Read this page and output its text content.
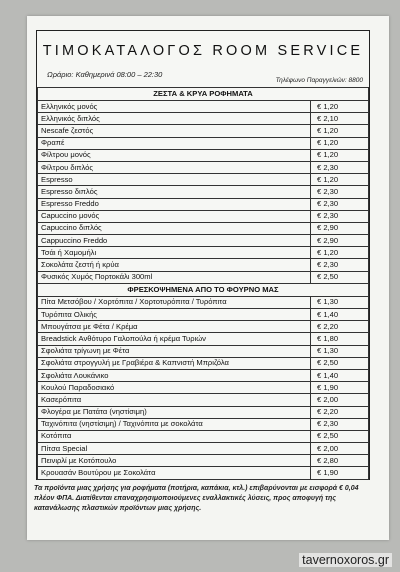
ΤΙΜΟΚΑΤΑΛΟΓΟΣ ROOM SERVICE
Ωράριο: Καθημερινά 08:00 – 22:30
Τηλέφωνο Παραγγελιών: 8800
ΖΕΣΤΑ & ΚΡΥΑ ΡΟΦΗΜΑΤΑ	
Ελληνικός μονός	€ 1,20
Ελληνικός διπλός	€ 2,10
Nescafe ζεστός	€ 1,20
Φραπέ	€ 1,20
Φίλτρου μονός	€ 1,20
Φίλτρου διπλός	€ 2,30
Espresso	€ 1,20
Espresso διπλός	€ 2,30
Espresso Freddo	€ 2,30
Capuccino μονός	€ 2,30
Capuccino διπλός	€ 2,90
Cappuccino Freddo	€ 2,90
Τσάι ή Χαμομήλι	€ 1,20
Σοκολάτα ζεστή ή κρύα	€ 2,30
Φυσικός Χυμός Πορτοκάλι 300ml	€ 2,50
ΦΡΕΣΚΟΨΗΜΕΝΑ ΑΠΟ ΤΟ ΦΟΥΡΝΟ ΜΑΣ	
Πίτα Μετσόβου / Χορτόπιτα / Χορτοτυρόπιτα / Τυρόπιτα	€ 1,30
Τυρόπιτα Ολικής	€ 1,40
Μπουγάτσα με Φέτα / Κρέμα	€ 2,20
Breadstick Ανθότυρο Γαλοπούλα ή κρέμα Τυριών	€ 1,80
Σφολιάτα τρίγωνη με Φέτα	€ 1,30
Σφολιάτα στρογγυλή με Γραβιέρα & Καπνιστή Μπριζόλα	€ 2,50
Σφολιάτα Λουκάνικο	€ 1,40
Κουλού Παραδοσιακό	€ 1,90
Κασερόπιτα	€ 2,00
Φλογέρα με Πατάτα (νηστίσιμη)	€ 2,20
Ταχινόπιτα (νηστίσιμη) / Ταχινόπιτα με σοκολάτα	€ 2,30
Κοτόπιτα	€ 2,50
Πίτσα Special	€ 2,00
Πεινιρλί με Κοτόπουλο	€ 2,80
Κρουασάν Βουτύρου με Σοκολάτα	€ 1,90
Τα προϊόντα μιας χρήσης για ροφήματα (ποτήρια, καπάκια, κτλ.) επιβαρύνονται με εισφορά € 0,04 πλέον ΦΠΑ. Διατίθενται επαναχρησιμοποιούμενες εναλλακτικές λύσεις, προς αποφυγή της κατανάλωσης πλαστικών προϊόντων μιας χρήσης.
tavernoxoros.gr
